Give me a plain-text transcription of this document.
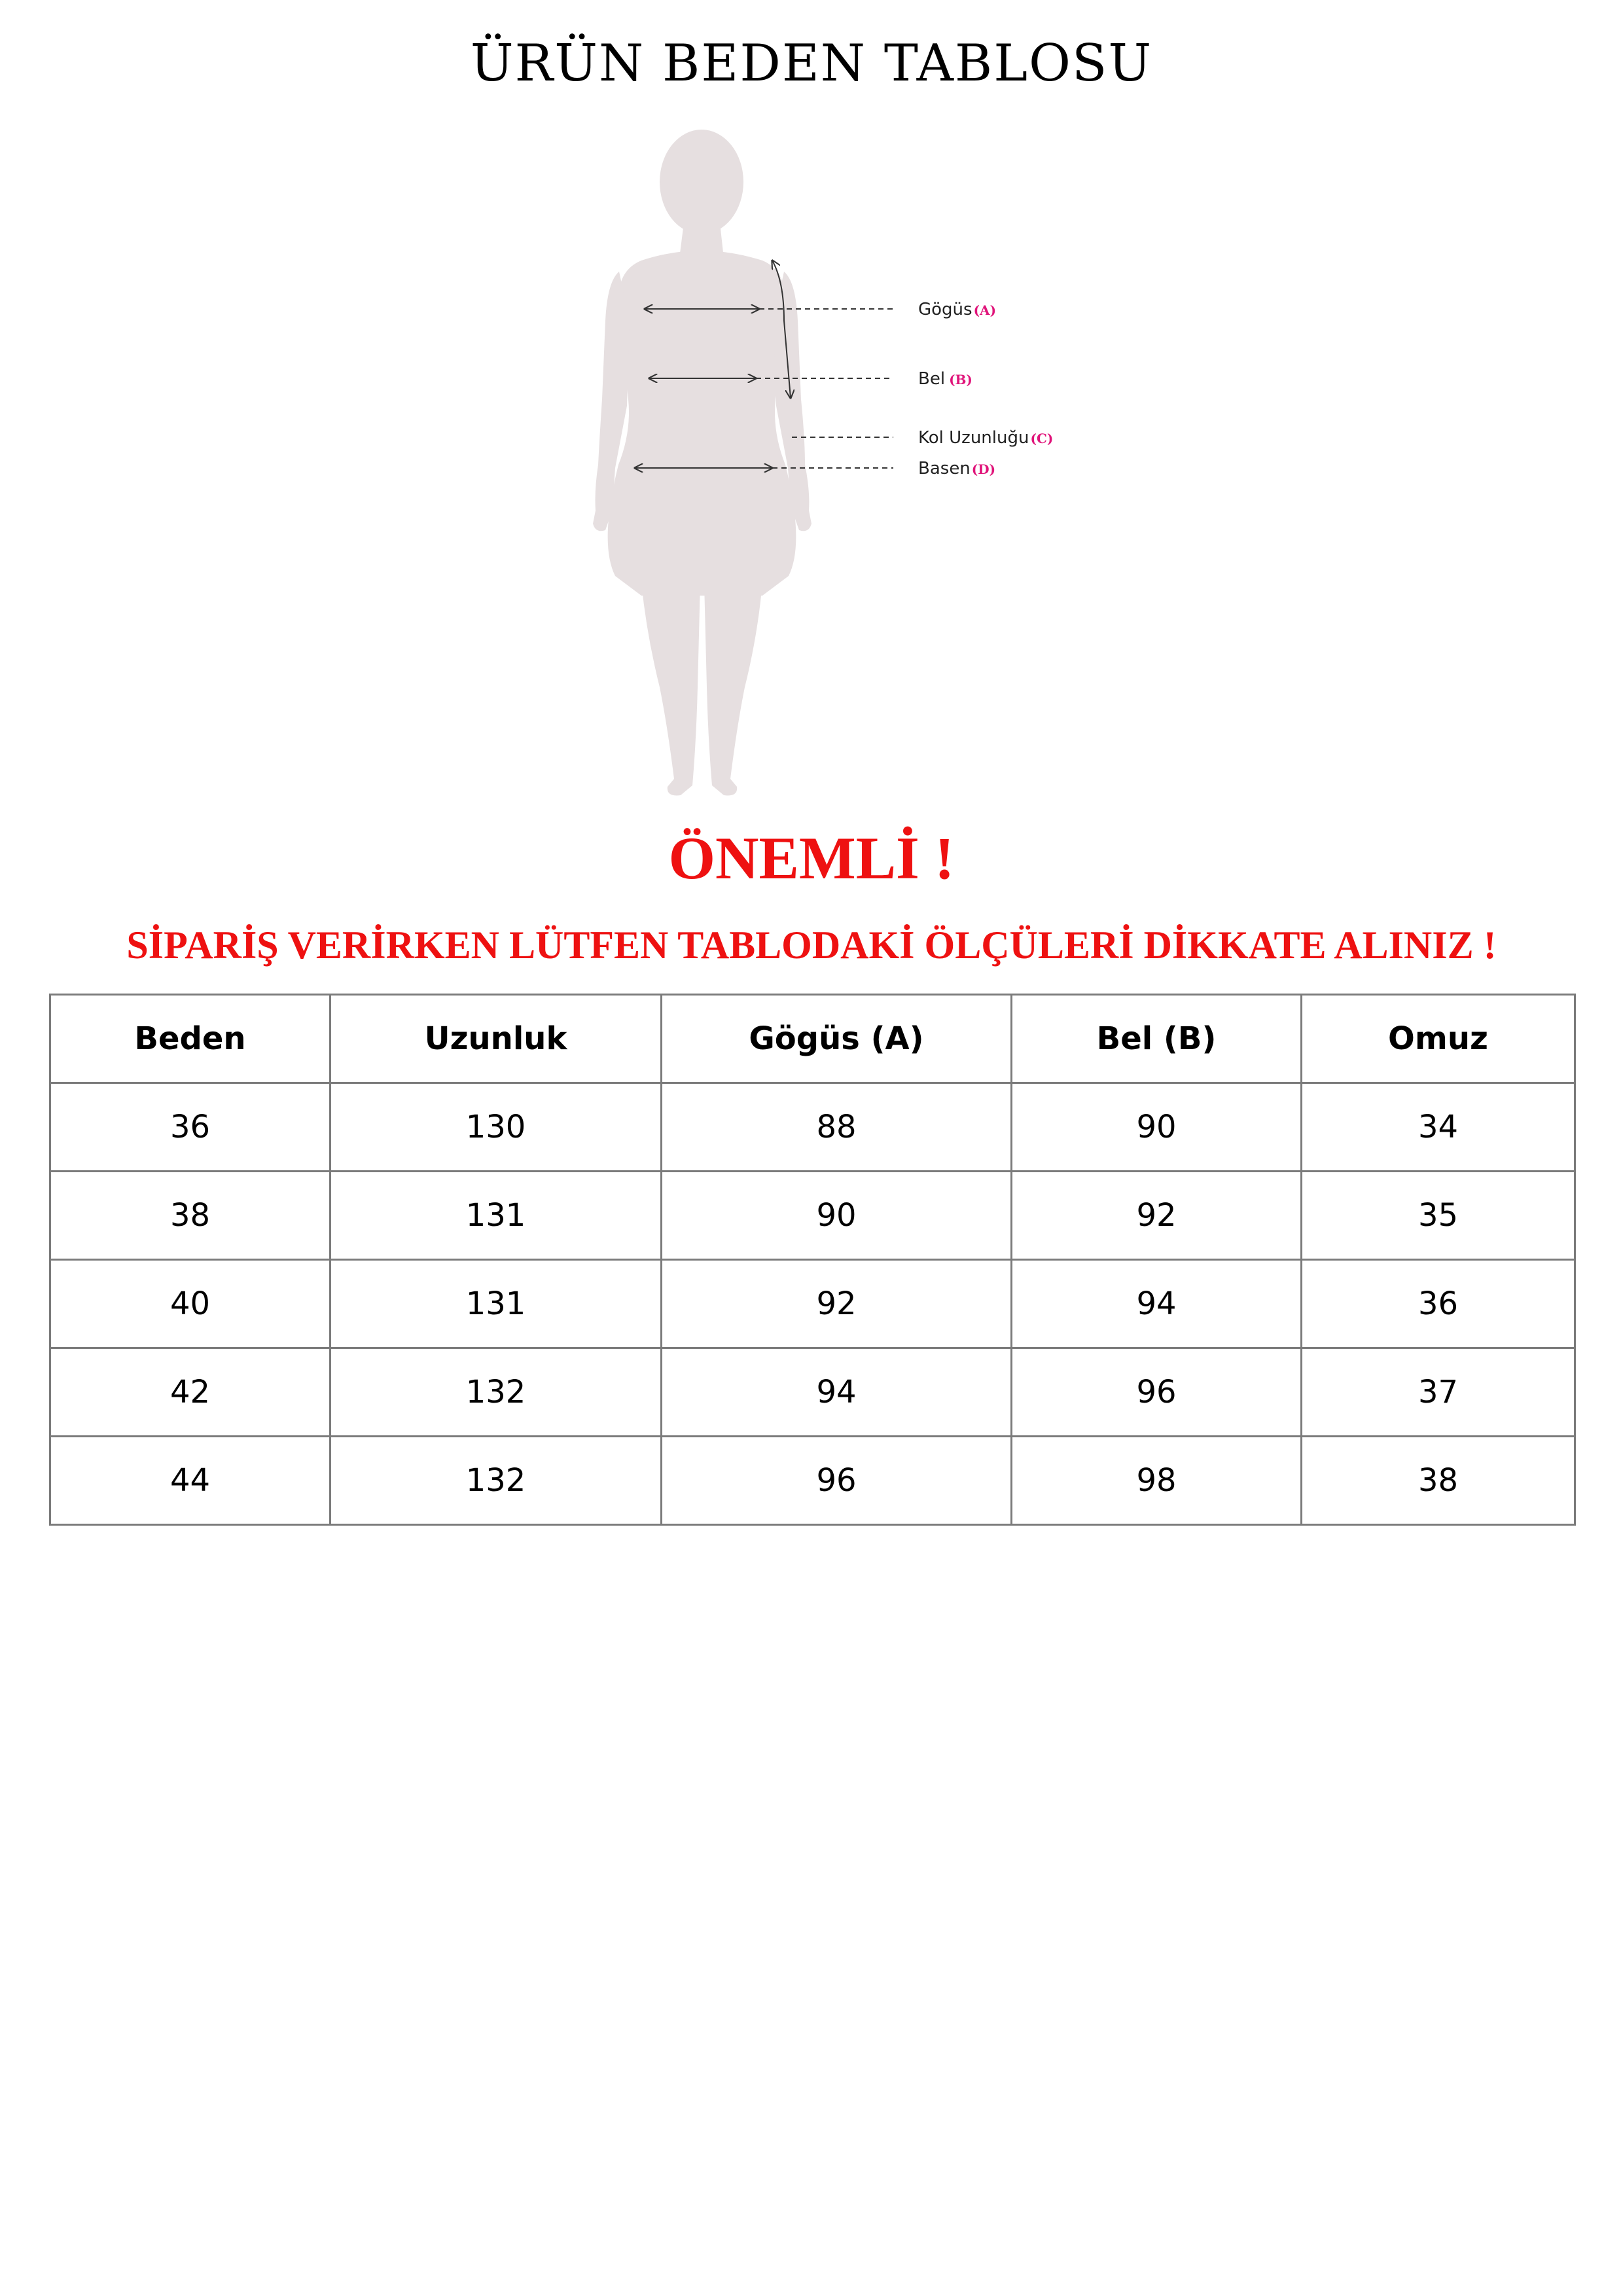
ÜRÜN BEDEN TABLOSU
Gögüs (A)
Bel (B)
Kol Uzunluğu (C)
Basen (D)
ÖNEMLİ !
SİPARİŞ VERİRKEN LÜTFEN TABLODAKİ ÖLÇÜLERİ DİKKATE ALINIZ !
Beden	Uzunluk	Gögüs (A)	Bel (B)	Omuz
36	130	88	90	34
38	131	90	92	35
40	131	92	94	36
42	132	94	96	37
44	132	96	98	38
